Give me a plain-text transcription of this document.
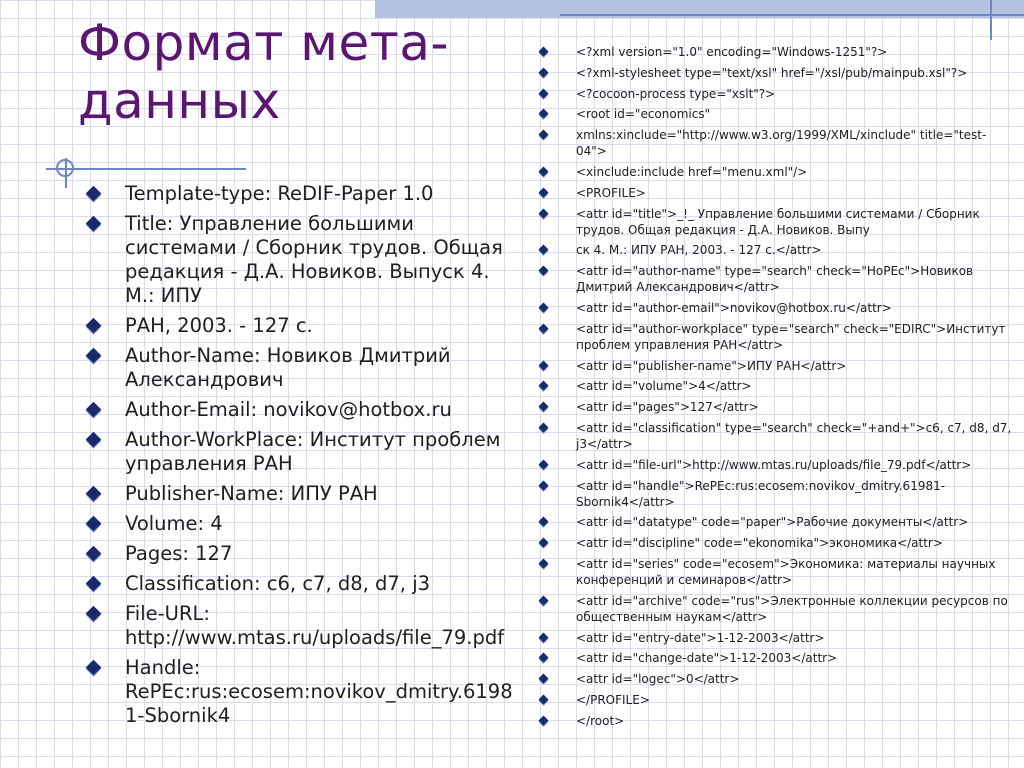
Формат мета-данных
Template-type: ReDIF-Paper 1.0
Title: Управление большими системами / Сборник трудов. Общая редакция - Д.А. Новиков. Выпуск 4. М.: ИПУ
РАН, 2003. - 127 с.
Author-Name: Новиков Дмитрий Александрович
Author-Email: novikov@hotbox.ru
Author-WorkPlace: Институт проблем управления РАН
Publisher-Name: ИПУ РАН
Volume: 4
Pages: 127
Classification: c6, c7, d8, d7, j3
File-URL: http://www.mtas.ru/uploads/file_79.pdf
Handle: RePEc:rus:ecosem:novikov_dmitry.61981-Sbornik4
<?xml version="1.0" encoding="Windows-1251"?>
<?xml-stylesheet type="text/xsl" href="/xsl/pub/mainpub.xsl"?>
<?cocoon-process type="xslt"?>
<root id="economics"
xmlns:xinclude="http://www.w3.org/1999/XML/xinclude" title="test-04">
<xinclude:include href="menu.xml"/>
<PROFILE>
<attr id="title">_!_ Управление большими системами / Сборник трудов. Общая редакция - Д.А. Новиков. Выпу
ск 4. М.: ИПУ РАН, 2003. - 127 с.</attr>
<attr id="author-name" type="search" check="НоPEc">Новиков Дмитрий Александрович</attr>
<attr id="author-email">novikov@hotbox.ru</attr>
<attr id="author-workplace" type="search" check="EDIRC">Институт проблем управления РАН</attr>
<attr id="publisher-name">ИПУ РАН</attr>
<attr id="volume">4</attr>
<attr id="pages">127</attr>
<attr id="classification" type="search" check="+and+">c6, c7, d8, d7, j3</attr>
<attr id="file-url">http://www.mtas.ru/uploads/file_79.pdf</attr>
<attr id="handle">RePEc:rus:ecosem:novikov_dmitry.61981-Sbornik4</attr>
<attr id="datatype" code="paper">Рабочие документы</attr>
<attr id="discipline" code="ekonomika">экономика</attr>
<attr id="series" code="ecosem">Экономика: материалы научных конференций и семинаров</attr>
<attr id="archive" code="rus">Электронные коллекции ресурсов по общественным наукам</attr>
<attr id="entry-date">1-12-2003</attr>
<attr id="change-date">1-12-2003</attr>
<attr id="logec">0</attr>
</PROFILE>
</root>
